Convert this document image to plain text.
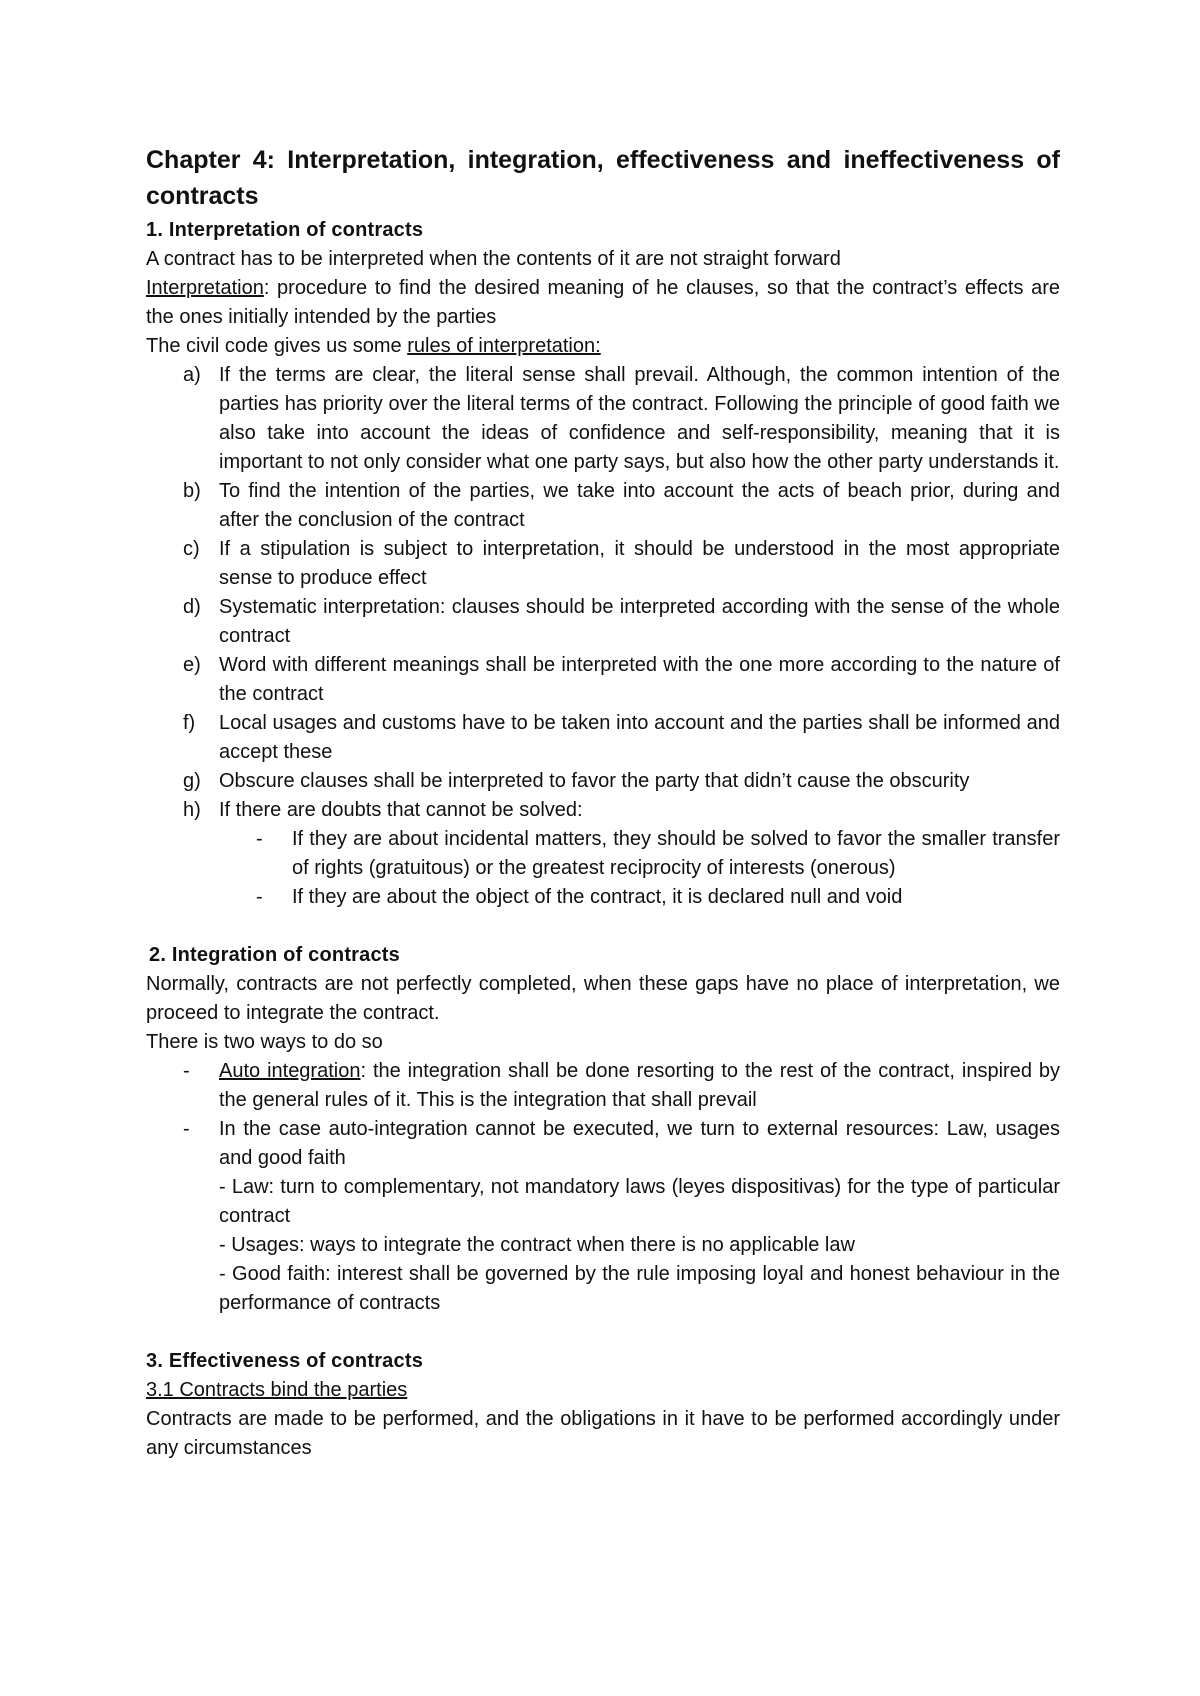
Chapter 4: Interpretation, integration, effectiveness and ineffectiveness of contracts
1. Interpretation of contracts

A contract has to be interpreted when the contents of it are not straight forward

Interpretation: procedure to find the desired meaning of he clauses, so that the contract’s effects are the ones initially intended by the parties

The civil code gives us some rules of interpretation:

a) If the terms are clear, the literal sense shall prevail. Although, the common intention of the parties has priority over the literal terms of the contract. Following the principle of good faith we also take into account the ideas of confidence and self-responsibility, meaning that it is important to not only consider what one party says, but also how the other party understands it.
b) To find the intention of the parties, we take into account the acts of beach prior, during and after the conclusion of the contract
c) If a stipulation is subject to interpretation, it should be understood in the most appropriate sense to produce effect
d) Systematic interpretation: clauses should be interpreted according with the sense of the whole contract
e) Word with different meanings shall be interpreted with the one more according to the nature of the contract
f) Local usages and customs have to be taken into account and the parties shall be informed and accept these
g) Obscure clauses shall be interpreted to favor the party that didn’t cause the obscurity
h) If there are doubts that cannot be solved:
- If they are about incidental matters, they should be solved to favor the smaller transfer of rights (gratuitous) or the greatest reciprocity of interests (onerous)
- If they are about the object of the contract, it is declared null and void
2. Integration of contracts

Normally, contracts are not perfectly completed, when these gaps have no place of interpretation, we proceed to integrate the contract.

There is two ways to do so

- Auto integration: the integration shall be done resorting to the rest of the contract, inspired by the general rules of it. This is the integration that shall prevail
- In the case auto-integration cannot be executed, we turn to external resources: Law, usages and good faith
- Law: turn to complementary, not mandatory laws (leyes dispositivas) for the type of particular contract
- Usages: ways to integrate the contract when there is no applicable law
- Good faith: interest shall be governed by the rule imposing loyal and honest behaviour in the performance of contracts
3. Effectiveness of contracts

3.1 Contracts bind the parties

Contracts are made to be performed, and the obligations in it have to be performed accordingly under any circumstances
